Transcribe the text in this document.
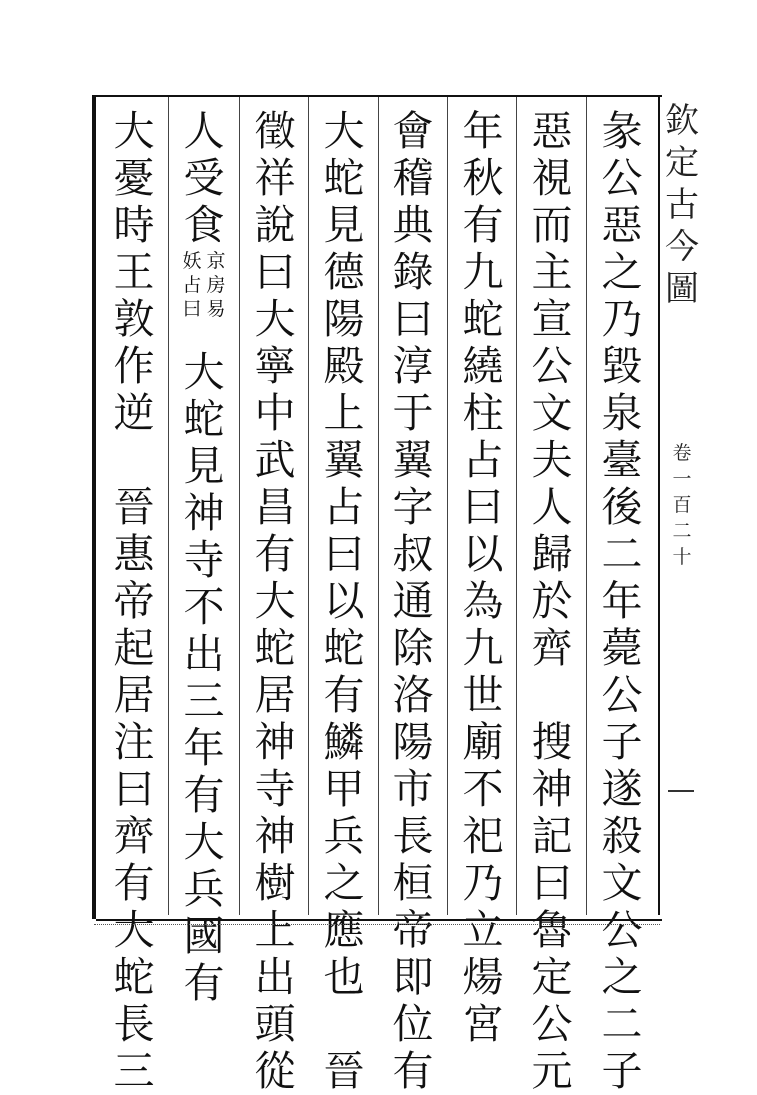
彖
公
惡
之
乃
毀
泉
臺
後
二
年
薨
公
子
遂
殺
文
公
之
二
子
惡
視
而
主
宣
公
文
夫
人
歸
於
齊
搜
神
記
曰
魯
定
公
元
年
秋
有
九
蛇
繞
柱
占
曰
以
為
九
世
廟
不
祀
乃
立
煬
宮
會
稽
典
錄
曰
淳
于
翼
字
叔
通
除
洛
陽
市
長
桓
帝
即
位
有
大
蛇
見
德
陽
殿
上
翼
占
曰
以
蛇
有
鱗
甲
兵
之
應
也
晉
徵
祥
說
曰
大
寧
中
武
昌
有
大
蛇
居
神
寺
神
樹
上
出
頭
從
人
受
食
妖
占
曰
京
房
易
大
蛇
見
神
寺
不
出
三
年
有
大
兵
國
有
大
憂
時
王
敦
作
逆
晉
惠
帝
起
居
注
曰
齊
有
大
蛇
長
三
欽
定
古
今
圖
卷
一
百
二
十
